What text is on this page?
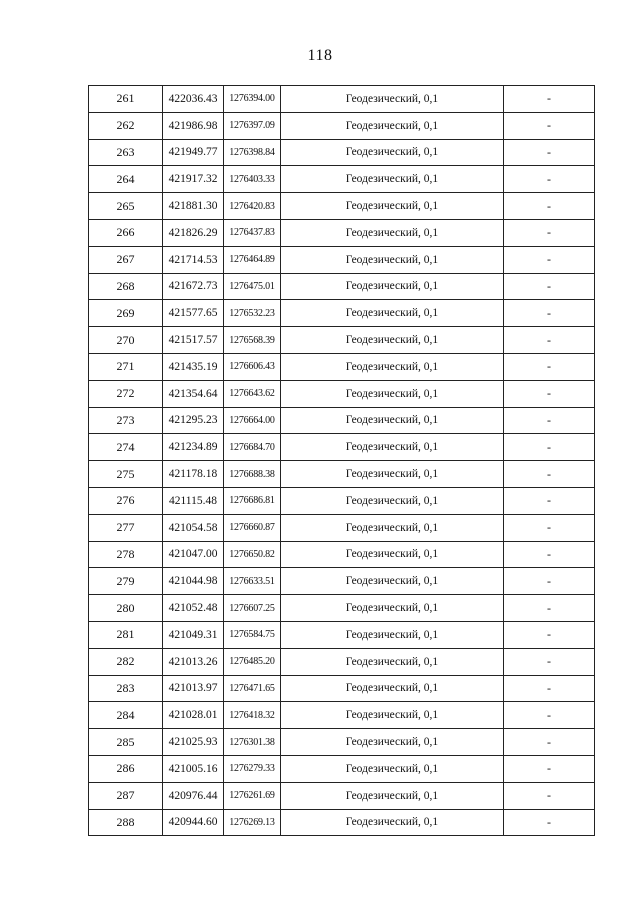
118
261	422036.43	1276394.00	Геодезический, 0,1	-
262	421986.98	1276397.09	Геодезический, 0,1	-
263	421949.77	1276398.84	Геодезический, 0,1	-
264	421917.32	1276403.33	Геодезический, 0,1	-
265	421881.30	1276420.83	Геодезический, 0,1	-
266	421826.29	1276437.83	Геодезический, 0,1	-
267	421714.53	1276464.89	Геодезический, 0,1	-
268	421672.73	1276475.01	Геодезический, 0,1	-
269	421577.65	1276532.23	Геодезический, 0,1	-
270	421517.57	1276568.39	Геодезический, 0,1	-
271	421435.19	1276606.43	Геодезический, 0,1	-
272	421354.64	1276643.62	Геодезический, 0,1	-
273	421295.23	1276664.00	Геодезический, 0,1	-
274	421234.89	1276684.70	Геодезический, 0,1	-
275	421178.18	1276688.38	Геодезический, 0,1	-
276	421115.48	1276686.81	Геодезический, 0,1	-
277	421054.58	1276660.87	Геодезический, 0,1	-
278	421047.00	1276650.82	Геодезический, 0,1	-
279	421044.98	1276633.51	Геодезический, 0,1	-
280	421052.48	1276607.25	Геодезический, 0,1	-
281	421049.31	1276584.75	Геодезический, 0,1	-
282	421013.26	1276485.20	Геодезический, 0,1	-
283	421013.97	1276471.65	Геодезический, 0,1	-
284	421028.01	1276418.32	Геодезический, 0,1	-
285	421025.93	1276301.38	Геодезический, 0,1	-
286	421005.16	1276279.33	Геодезический, 0,1	-
287	420976.44	1276261.69	Геодезический, 0,1	-
288	420944.60	1276269.13	Геодезический, 0,1	-
